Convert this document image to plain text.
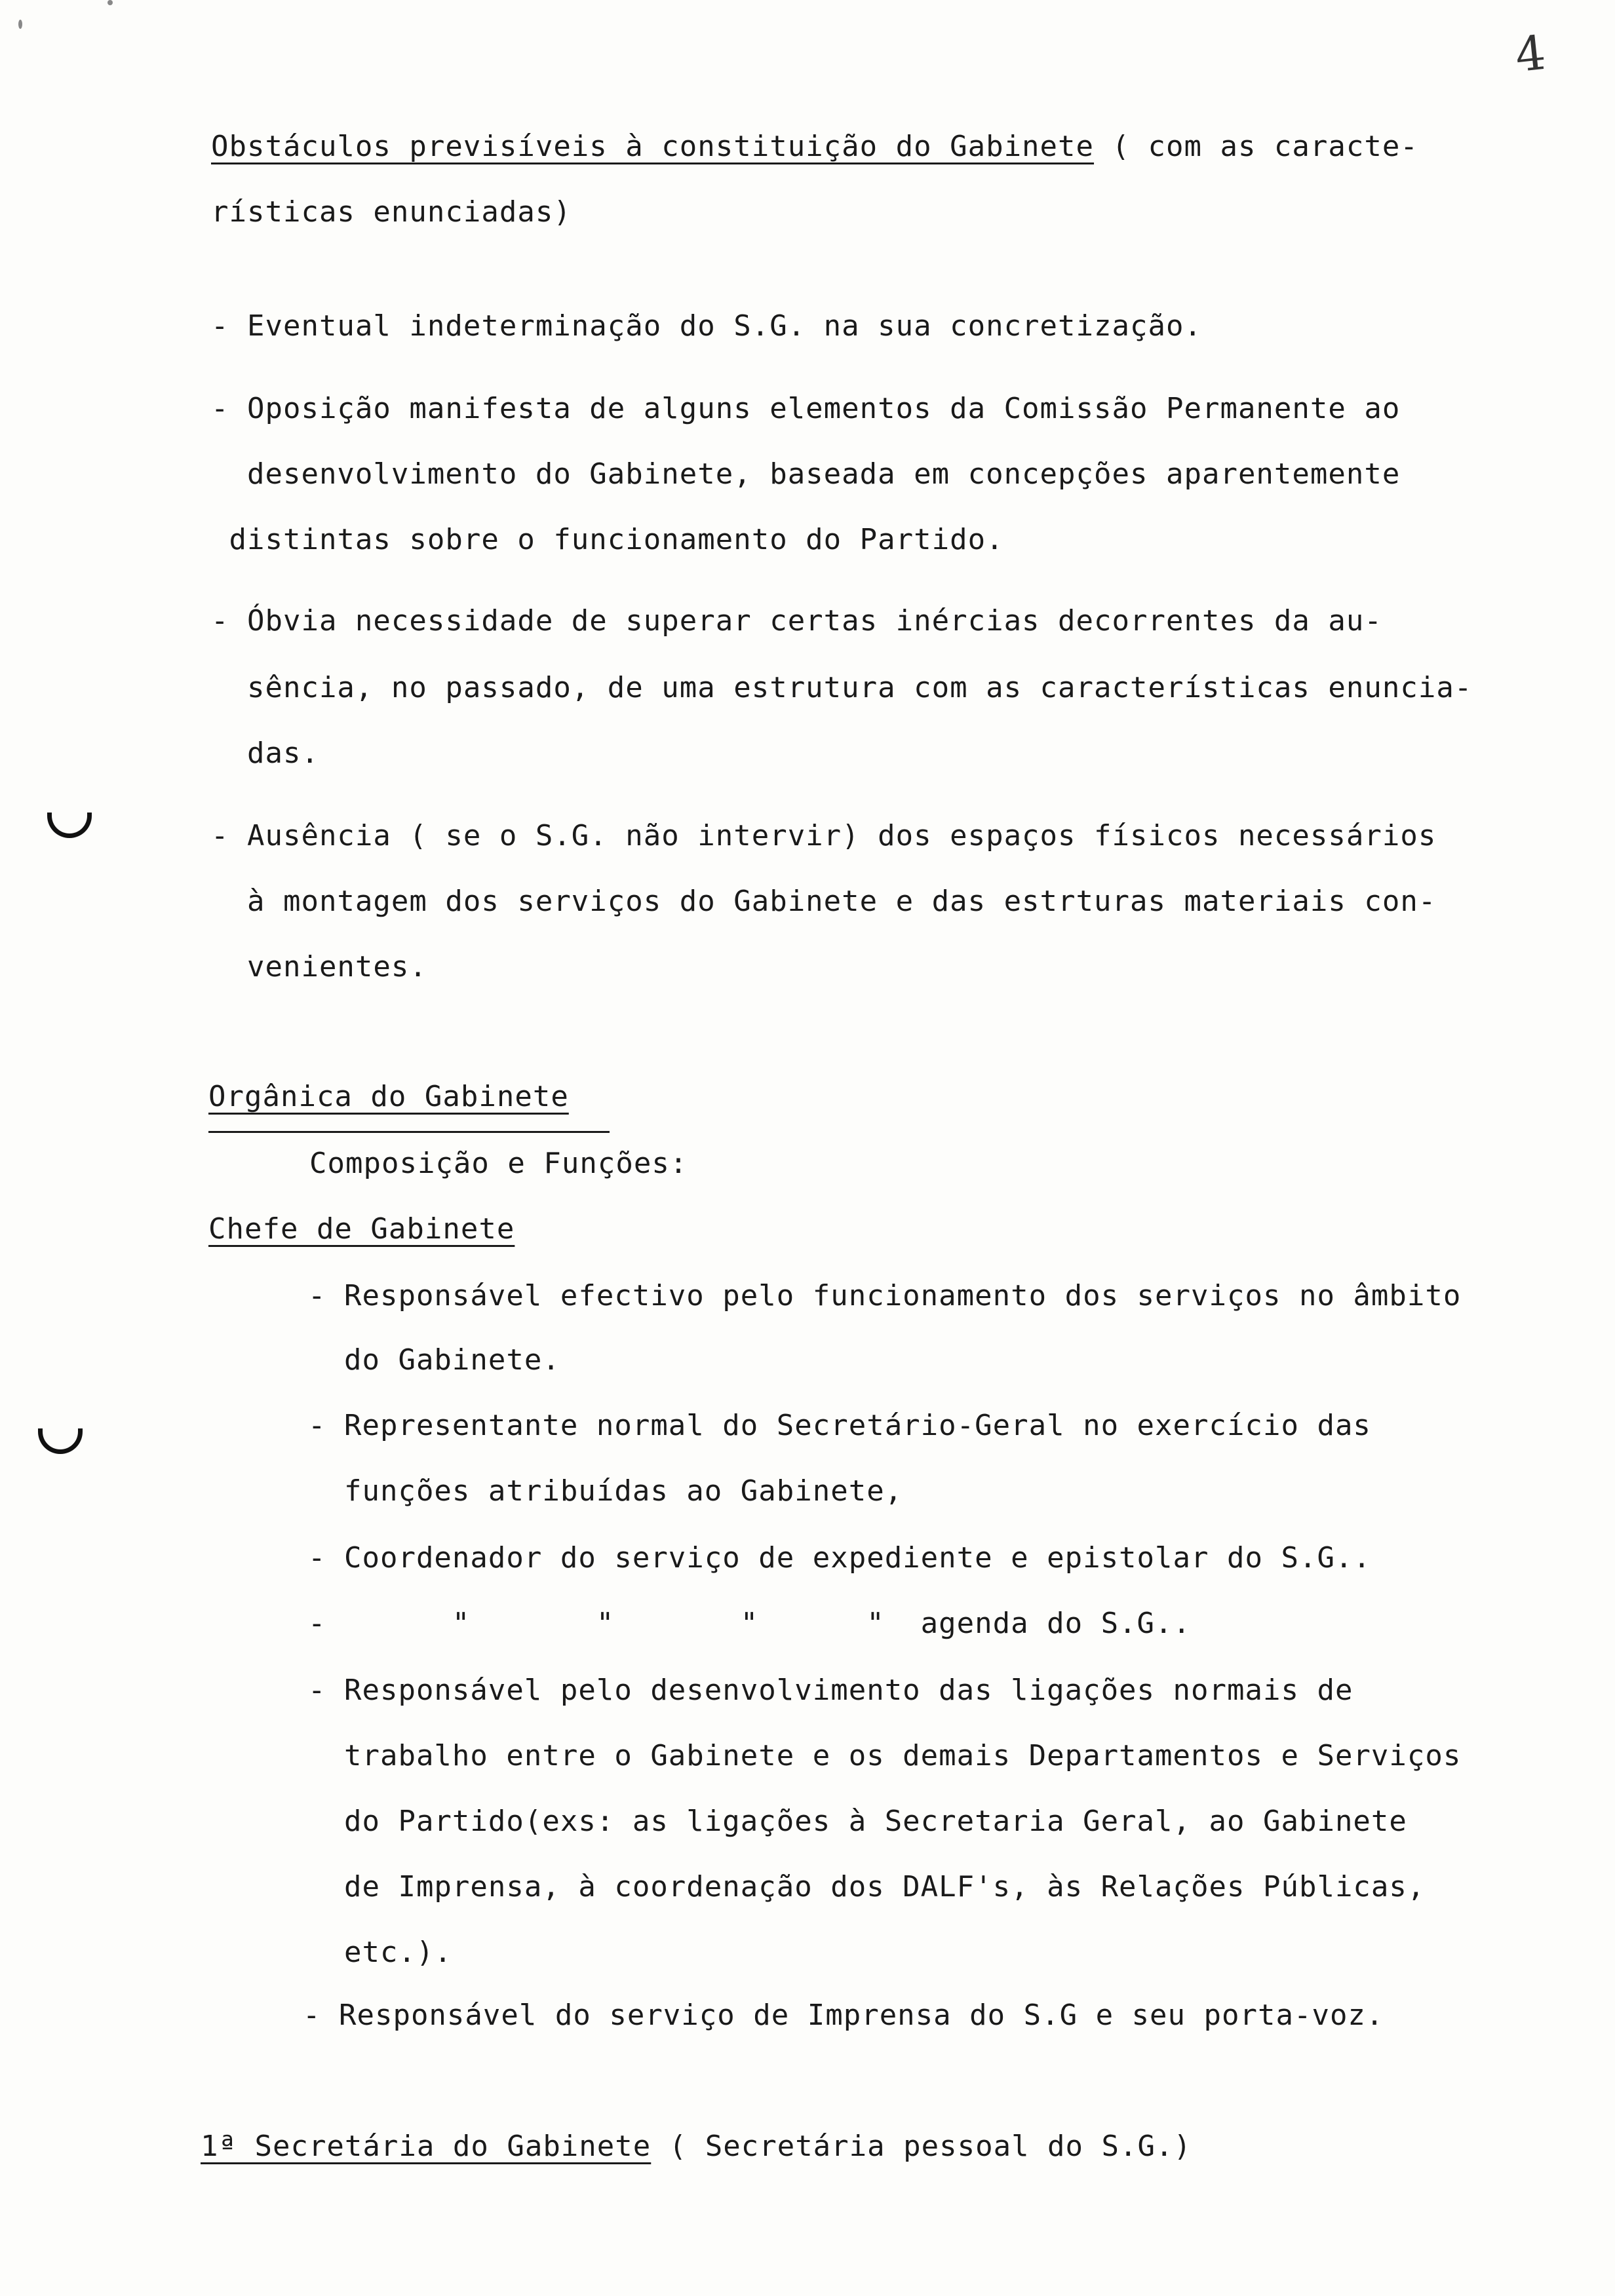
4
Obstáculos previsíveis à constituição do Gabinete ( com as caracte-
rísticas enunciadas)
- Eventual indeterminação do S.G. na sua concretização.
- Oposição manifesta de alguns elementos da Comissão Permanente ao
desenvolvimento do Gabinete, baseada em concepções aparentemente
distintas sobre o funcionamento do Partido.
- Óbvia necessidade de superar certas inércias decorrentes da au-
sência, no passado, de uma estrutura com as características enuncia-
das.
- Ausência ( se o S.G. não intervir) dos espaços físicos necessários
à montagem dos serviços do Gabinete e das estrturas materiais con-
venientes.
Orgânica do Gabinete
Composição e Funções:
Chefe de Gabinete
- Responsável efectivo pelo funcionamento dos serviços no âmbito
do Gabinete.
- Representante normal do Secretário-Geral no exercício das
funções atribuídas ao Gabinete,
- Coordenador do serviço de expediente e epistolar do S.G..
-       "       "       "      "  agenda do S.G..
- Responsável pelo desenvolvimento das ligações normais de
trabalho entre o Gabinete e os demais Departamentos e Serviços
do Partido(exs: as ligações à Secretaria Geral, ao Gabinete
de Imprensa, à coordenação dos DALF's, às Relações Públicas,
etc.).
- Responsável do serviço de Imprensa do S.G e seu porta-voz.
1ª Secretária do Gabinete ( Secretária pessoal do S.G.)
